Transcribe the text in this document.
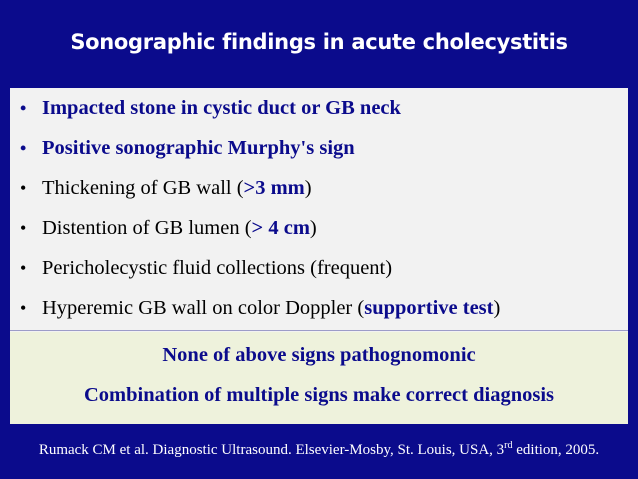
Sonographic findings in acute cholecystitis
• Impacted stone in cystic duct or GB neck
• Positive sonographic Murphy's sign
• Thickening of GB wall (>3 mm)
• Distention of GB lumen (> 4 cm)
• Pericholecystic fluid collections (frequent)
• Hyperemic GB wall on color Doppler (supportive test)
None of above signs pathognomonic
Combination of multiple signs make correct diagnosis
Rumack CM et al. Diagnostic Ultrasound. Elsevier-Mosby, St. Louis, USA, 3rd edition, 2005.
